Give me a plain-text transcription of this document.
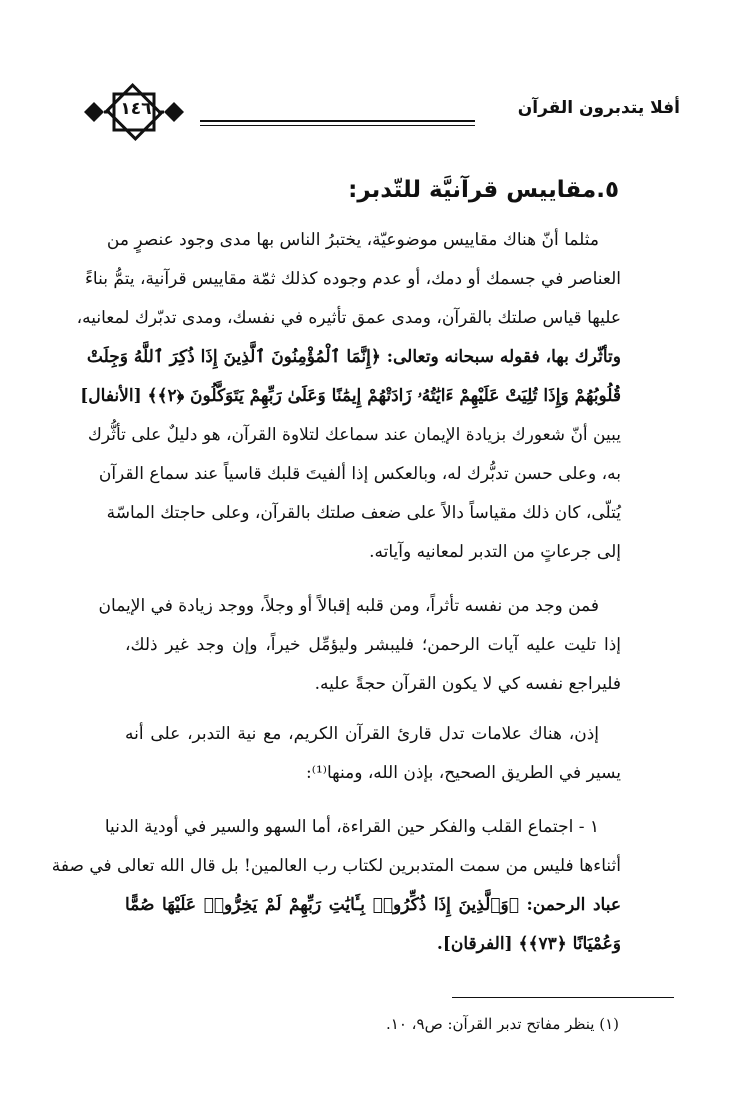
أفلا يتدبرون القرآن
١٤٦
٥.مقاييس قرآنيَّة للتّدبر:
مثلما أنّ هناك مقاييس موضوعيّة، يختبرُ الناس بها مدى وجود عنصرٍ من
العناصر في جسمك أو دمك، أو عدم وجوده كذلك ثمّة مقاييس قرآنية، يتمُّ بناءً
عليها قياس صلتك بالقرآن، ومدى عمق تأثيره في نفسك، ومدى تدبّرك لمعانيه،
وتأثّرك بها، فقوله سبحانه وتعالى: ﴿إِنَّمَا ٱلْمُؤْمِنُونَ ٱلَّذِينَ إِذَا ذُكِرَ ٱللَّهُ وَجِلَتْ
قُلُوبُهُمْ وَإِذَا تُلِيَتْ عَلَيْهِمْ ءَايَٰتُهُۥ زَادَتْهُمْ إِيمَٰنًا وَعَلَىٰ رَبِّهِمْ يَتَوَكَّلُونَ ﴿٢﴾﴾ [الأنفال]
يبين أنّ شعورك بزيادة الإيمان عند سماعك لتلاوة القرآن، هو دليلٌ على تأثُّرك
به، وعلى حسن تدبُّرك له، وبالعكس إذا ألفيتَ قلبك قاسياً عند سماع القرآن
يُتلّى، كان ذلك مقياساً دالاً على ضعف صلتك بالقرآن، وعلى حاجتك الماسّة
إلى جرعاتٍ من التدبر لمعانيه وآياته.
فمن وجد من نفسه تأثراً، ومن قلبه إقبالاً أو وجلاً، ووجد زيادة في الإيمان
إذا تليت عليه آيات الرحمن؛ فليبشر وليؤمِّل خيراً، وإن وجد غير ذلك،
فليراجع نفسه كي لا يكون القرآن حجةً عليه.
إذن، هناك علامات تدل قارئ القرآن الكريم، مع نية التدبر، على أنه
يسير في الطريق الصحيح، بإذن الله، ومنها⁽¹⁾:
١ - اجتماع القلب والفكر حين القراءة، أما السهو والسير في أودية الدنيا
أثناءها فليس من سمت المتدبرين لكتاب رب العالمين! بل قال الله تعالى في صفة
عباد الرحمن: ﴿وَٱلَّذِينَ إِذَا ذُكِّرُوا۟ بِـَٔايَٰتِ رَبِّهِمْ لَمْ يَخِرُّوا۟ عَلَيْهَا صُمًّا
وَعُمْيَانًا ﴿٧٣﴾﴾ [الفرقان].
(١) ينظر مفاتح تدبر القرآن: ص٩، ١٠.
